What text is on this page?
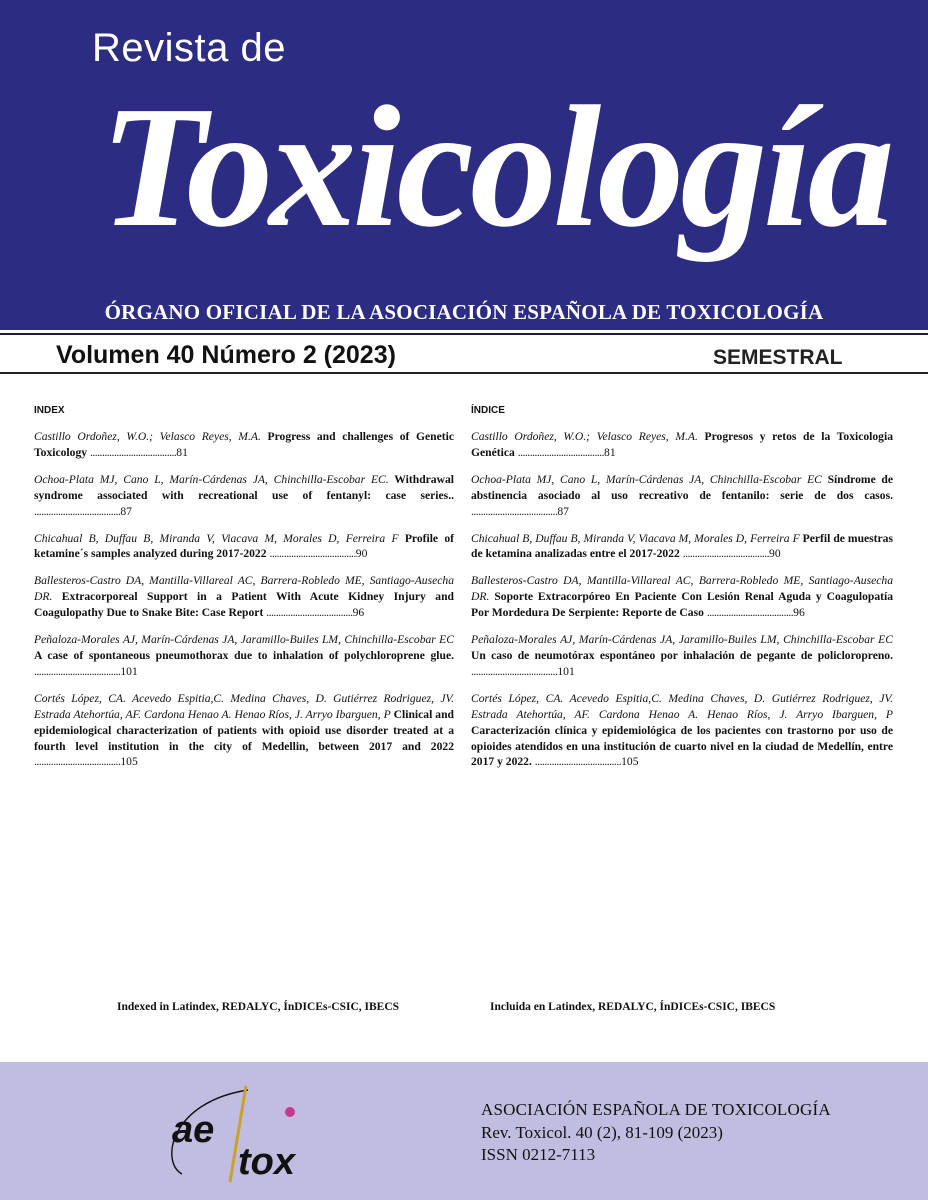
Revista de
Toxicología
ÓRGANO OFICIAL DE LA ASOCIACIÓN ESPAÑOLA DE TOXICOLOGÍA
Volumen 40 Número 2 (2023)	SEMESTRAL
INDEX

Castillo Ordoñez, W.O.; Velasco Reyes, M.A. Progress and challenges of Genetic Toxicology ....................................81

Ochoa-Plata MJ, Cano L, Marín-Cárdenas JA, Chinchilla-Escobar EC. Withdrawal syndrome associated with recreational use of fentanyl: case series.. ....................................87

Chicahual B, Duffau B, Miranda V, Viacava M, Morales D, Ferreira F Profile of ketamine´s samples analyzed during 2017-2022 ....................................90

Ballesteros-Castro DA, Mantilla-Villareal AC, Barrera-Robledo ME, Santiago-Ausecha DR. Extracorporeal Support in a Patient With Acute Kidney Injury and Coagulopathy Due to Snake Bite: Case Report ....................................96

Peñaloza-Morales AJ, Marín-Cárdenas JA, Jaramillo-Builes LM, Chinchilla-Escobar EC A case of spontaneous pneumothorax due to inhalation of polychloroprene glue. ....................................101

Cortés López, CA. Acevedo Espitia,C. Medina Chaves, D. Gutiérrez Rodriguez, JV. Estrada Atehortúa, AF. Cardona Henao A. Henao Ríos, J. Arryo Ibarguen, P Clinical and epidemiological characterization of patients with opioid use disorder treated at a fourth level institution in the city of Medellin, between 2017 and 2022 ....................................105

ÍNDICE

Castillo Ordoñez, W.O.; Velasco Reyes, M.A. Progresos y retos de la Toxicologia Genética ....................................81

Ochoa-Plata MJ, Cano L, Marín-Cárdenas JA, Chinchilla-Escobar EC Síndrome de abstinencia asociado al uso recreativo de fentanilo: serie de dos casos. ....................................87

Chicahual B, Duffau B, Miranda V, Viacava M, Morales D, Ferreira F Perfil de muestras de ketamina analizadas entre el 2017-2022 ....................................90

Ballesteros-Castro DA, Mantilla-Villareal AC, Barrera-Robledo ME, Santiago-Ausecha DR. Soporte Extracorpóreo En Paciente Con Lesión Renal Aguda y Coagulopatía Por Mordedura De Serpiente: Reporte de Caso ....................................96

Peñaloza-Morales AJ, Marín-Cárdenas JA, Jaramillo-Builes LM, Chinchilla-Escobar EC Un caso de neumotórax espontáneo por inhalación de pegante de policloropreno. ....................................101

Cortés López, CA. Acevedo Espitia,C. Medina Chaves, D. Gutiérrez Rodriguez, JV. Estrada Atehortúa, AF. Cardona Henao A. Henao Ríos, J. Arryo Ibarguen, P Caracterización clínica y epidemiológica de los pacientes con trastorno por uso de opioides atendidos en una institución de cuarto nivel en la ciudad de Medellín, entre 2017 y 2022. ....................................105

Indexed in Latindex, REDALYC, ÍnDICEs-CSIC, IBECS	Incluida en Latindex, REDALYC, ÍnDICEs-CSIC, IBECS
ae
tox
ASOCIACIÓN ESPAÑOLA DE TOXICOLOGÍA
Rev. Toxicol. 40 (2), 81-109 (2023)
ISSN 0212-7113
